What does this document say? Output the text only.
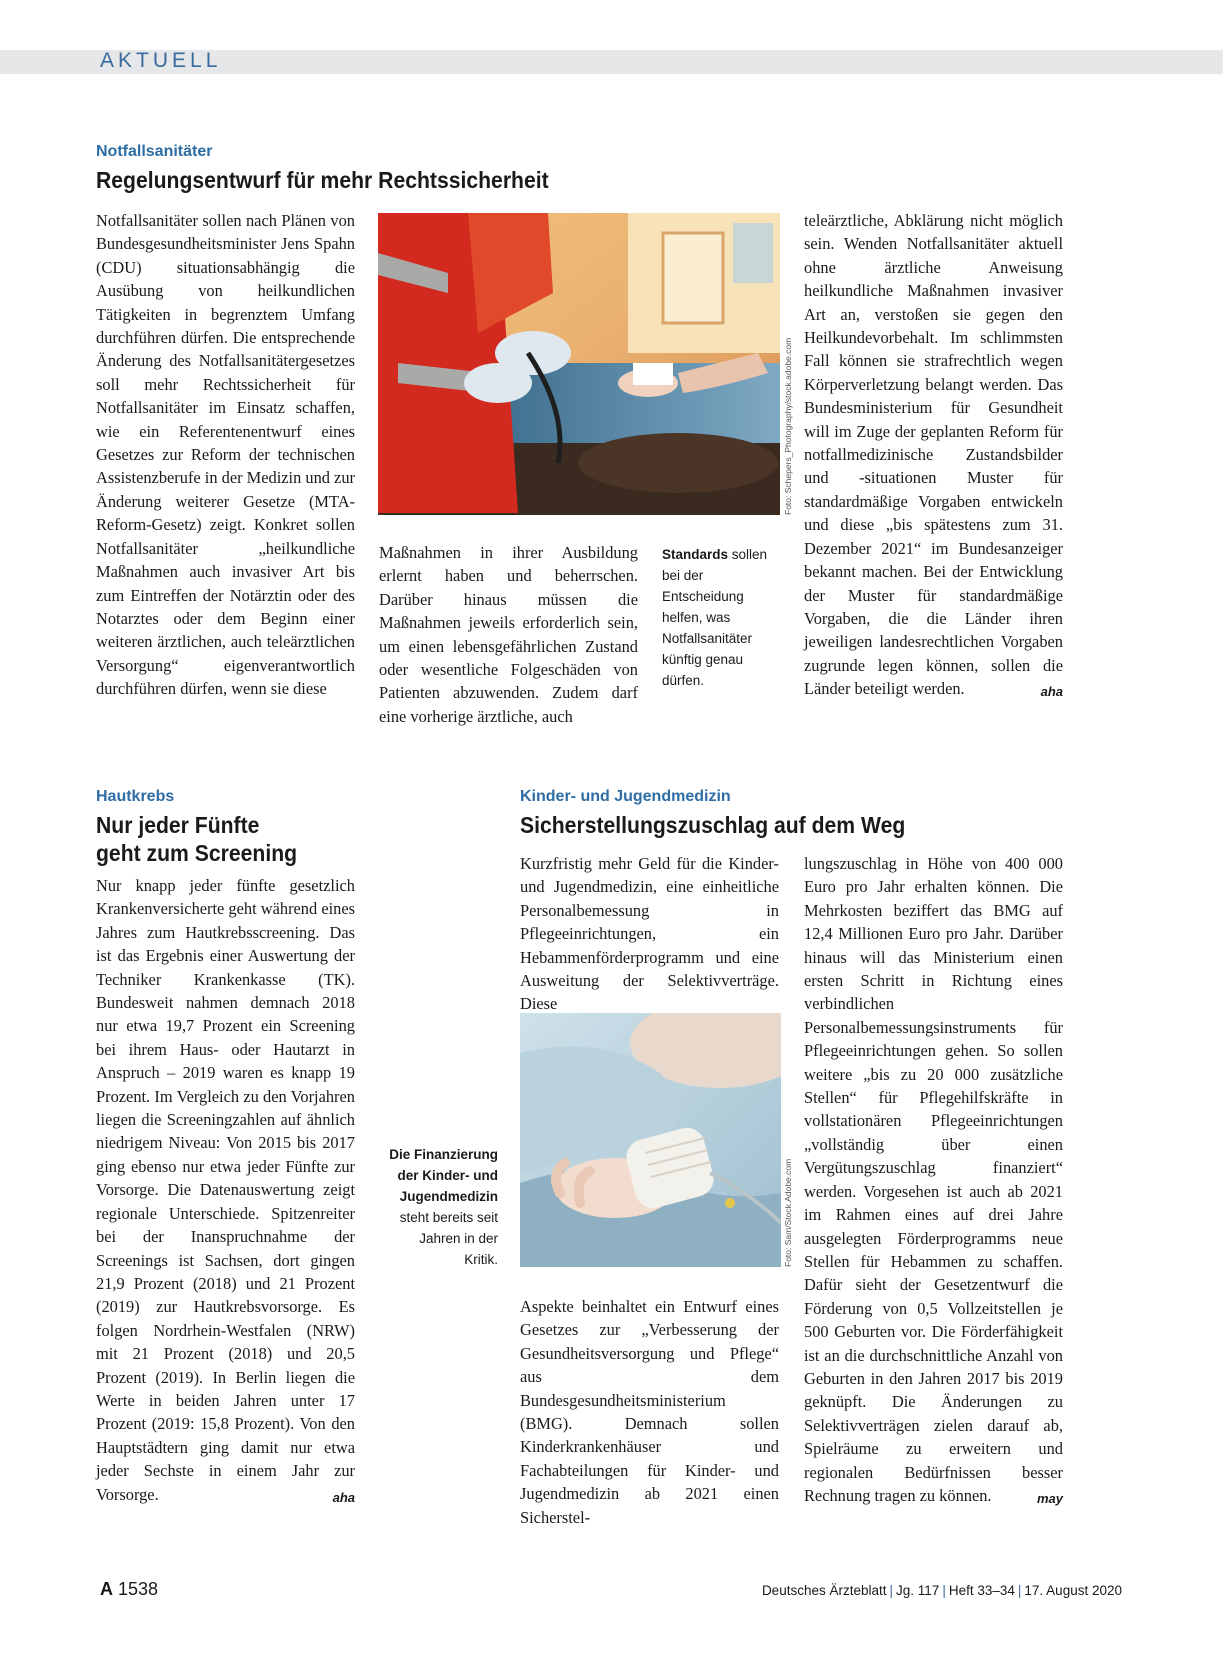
AKTUELL
Notfallsanitäter
Regelungsentwurf für mehr Rechtssicherheit

Notfallsanitäter sollen nach Plänen von Bundesgesundheitsminister Jens Spahn (CDU) situationsabhängig die Ausübung von heilkundlichen Tätigkeiten in begrenztem Umfang durchführen dürfen. Die entsprechende Änderung des Notfallsanitätergesetzes soll mehr Rechtssicherheit für Notfallsanitäter im Einsatz schaffen, wie ein Referentenentwurf eines Gesetzes zur Reform der technischen Assistenzberufe in der Medizin und zur Änderung weiterer Gesetze (MTA-Reform-Gesetz) zeigt. Konkret sollen Notfallsanitäter „heilkundliche Maßnahmen auch invasiver Art bis zum Eintreffen der Notärztin oder des Notarztes oder dem Beginn einer weiteren ärztlichen, auch teleärztlichen Versorgung“ eigenverantwortlich durchführen dürfen, wenn sie diese

Foto: Schepers_Photography/stock.adobe.com

Maßnahmen in ihrer Ausbildung erlernt haben und beherrschen. Darüber hinaus müssen die Maßnahmen jeweils erforderlich sein, um einen lebensgefährlichen Zustand oder wesentliche Folgeschäden von Patienten abzuwenden. Zudem darf eine vorherige ärztliche, auch

Standards sollen bei der Entscheidung helfen, was Notfallsanitäter künftig genau dürfen.

teleärztliche, Abklärung nicht möglich sein. Wenden Notfallsanitäter aktuell ohne ärztliche Anweisung heilkundliche Maßnahmen invasiver Art an, verstoßen sie gegen den Heilkundevorbehalt. Im schlimmsten Fall können sie strafrechtlich wegen Körperverletzung belangt werden. Das Bundesministerium für Gesundheit will im Zuge der geplanten Reform für notfallmedizinische Zustandsbilder und -situationen Muster für standardmäßige Vorgaben entwickeln und diese „bis spätestens zum 31. Dezember 2021“ im Bundesanzeiger bekannt machen. Bei der Entwicklung der Muster für standardmäßige Vorgaben, die die Länder ihren jeweiligen landesrechtlichen Vorgaben zugrunde legen können, sollen die Länder beteiligt werden.	aha

Hautkrebs
Nur jeder Fünfte
geht zum Screening

Nur knapp jeder fünfte gesetzlich Krankenversicherte geht während eines Jahres zum Hautkrebsscreening. Das ist das Ergebnis einer Auswertung der Techniker Krankenkasse (TK). Bundesweit nahmen demnach 2018 nur etwa 19,7 Prozent ein Screening bei ihrem Haus- oder Hautarzt in Anspruch – 2019 waren es knapp 19 Prozent. Im Vergleich zu den Vorjahren liegen die Screeningzahlen auf ähnlich niedrigem Niveau: Von 2015 bis 2017 ging ebenso nur etwa jeder Fünfte zur Vorsorge. Die Datenauswertung zeigt regionale Unterschiede. Spitzenreiter bei der Inanspruchnahme der Screenings ist Sachsen, dort gingen 21,9 Prozent (2018) und 21 Prozent (2019) zur Hautkrebsvorsorge. Es folgen Nordrhein-Westfalen (NRW) mit 21 Prozent (2018) und 20,5 Prozent (2019). In Berlin liegen die Werte in beiden Jahren unter 17 Prozent (2019: 15,8 Prozent). Von den Hauptstädtern ging damit nur etwa jeder Sechste in einem Jahr zur Vorsorge.	aha

Kinder- und Jugendmedizin
Sicherstellungszuschlag auf dem Weg

Kurzfristig mehr Geld für die Kinder- und Jugendmedizin, eine einheitliche Personalbemessung in Pflegeeinrichtungen, ein Hebammenförderprogramm und eine Ausweitung der Selektivverträge. Diese

Foto: Sam/Stock.Adobe.com
Die Finanzierung der Kinder- und Jugendmedizin steht bereits seit Jahren in der Kritik.

Aspekte beinhaltet ein Entwurf eines Gesetzes zur „Verbesserung der Gesundheitsversorgung und Pflege“ aus dem Bundesgesundheitsministerium (BMG). Demnach sollen Kinderkrankenhäuser und Fachabteilungen für Kinder- und Jugendmedizin ab 2021 einen Sicherstel-

lungszuschlag in Höhe von 400 000 Euro pro Jahr erhalten können. Die Mehrkosten beziffert das BMG auf 12,4 Millionen Euro pro Jahr. Darüber hinaus will das Ministerium einen ersten Schritt in Richtung eines verbindlichen Personalbemessungsinstruments für Pflegeeinrichtungen gehen. So sollen weitere „bis zu 20 000 zusätzliche Stellen“ für Pflegehilfskräfte in vollstationären Pflegeeinrichtungen „vollständig über einen Vergütungszuschlag finanziert“ werden. Vorgesehen ist auch ab 2021 im Rahmen eines auf drei Jahre ausgelegten Förderprogramms neue Stellen für Hebammen zu schaffen. Dafür sieht der Gesetzentwurf die Förderung von 0,5 Vollzeitstellen je 500 Geburten vor. Die Förderfähigkeit ist an die durchschnittliche Anzahl von Geburten in den Jahren 2017 bis 2019 geknüpft. Die Änderungen zu Selektivverträgen zielen darauf ab, Spielräume zu erweitern und regionalen Bedürfnissen besser Rechnung tragen zu können.	may

A 1538	Deutsches Ärzteblatt | Jg. 117 | Heft 33–34 | 17. August 2020
